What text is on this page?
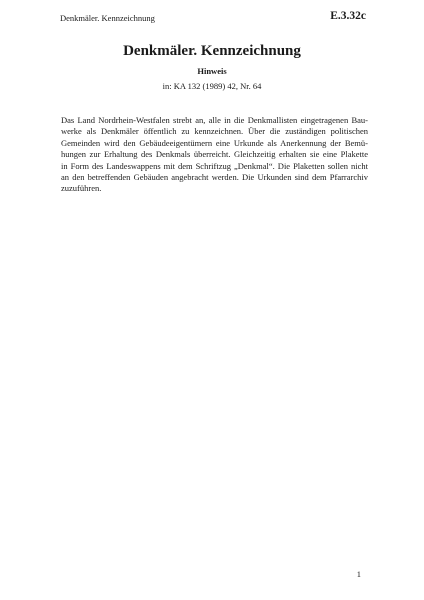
Denkmäler. Kennzeichnung	E.3.32c
Denkmäler. Kennzeichnung
Hinweis
in: KA 132 (1989) 42, Nr. 64

Das Land Nordrhein-Westfalen strebt an, alle in die Denkmallisten eingetragenen Bau-
werke als Denkmäler öffentlich zu kennzeichnen. Über die zuständigen politischen
Gemeinden wird den Gebäudeeigentümern eine Urkunde als Anerkennung der Bemü-
hungen zur Erhaltung des Denkmals überreicht. Gleichzeitig erhalten sie eine Plakette
in Form des Landeswappens mit dem Schriftzug „Denkmal“. Die Plaketten sollen nicht
an den betreffenden Gebäuden angebracht werden. Die Urkunden sind dem Pfarrarchiv
zuzuführen.

1
